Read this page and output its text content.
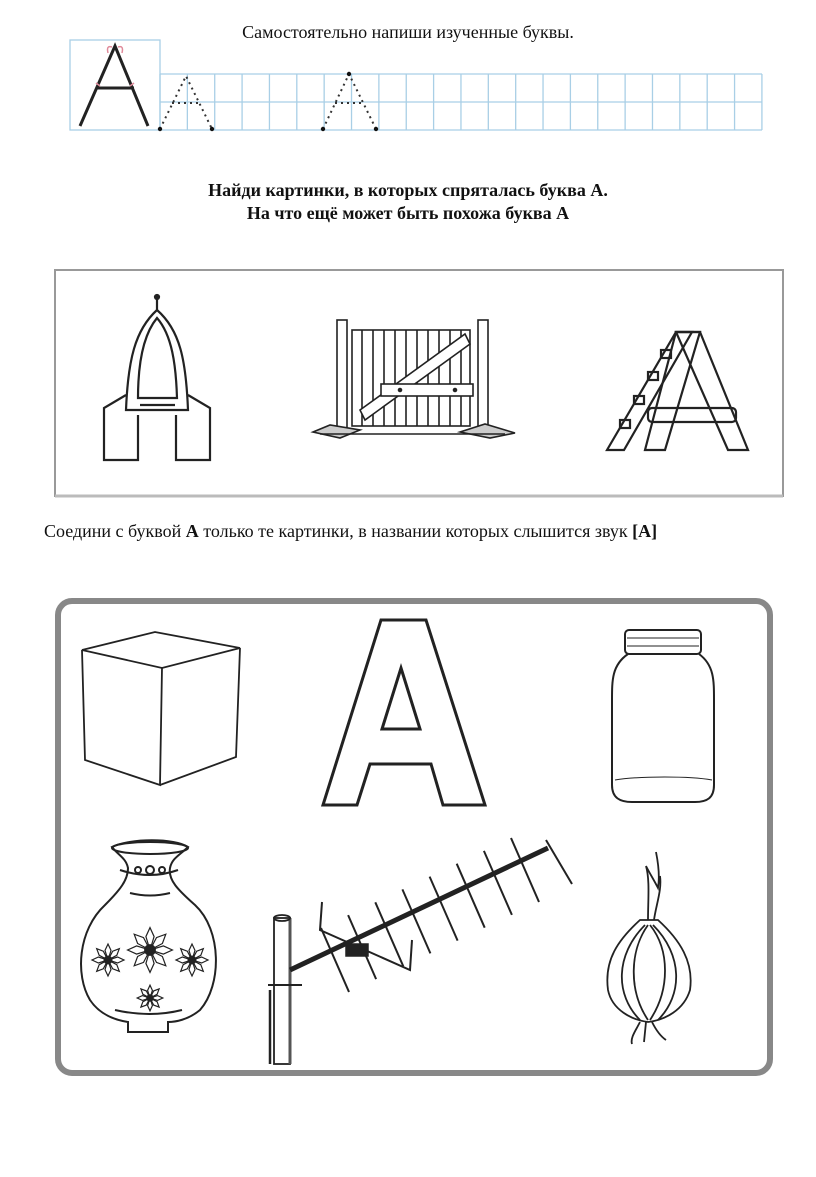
Самостоятельно напиши изученные буквы.
Найди картинки, в которых спряталась буква А.
На что ещё может быть похожа буква А
Соедини с буквой А только те картинки, в названии которых слышится звук [А]
